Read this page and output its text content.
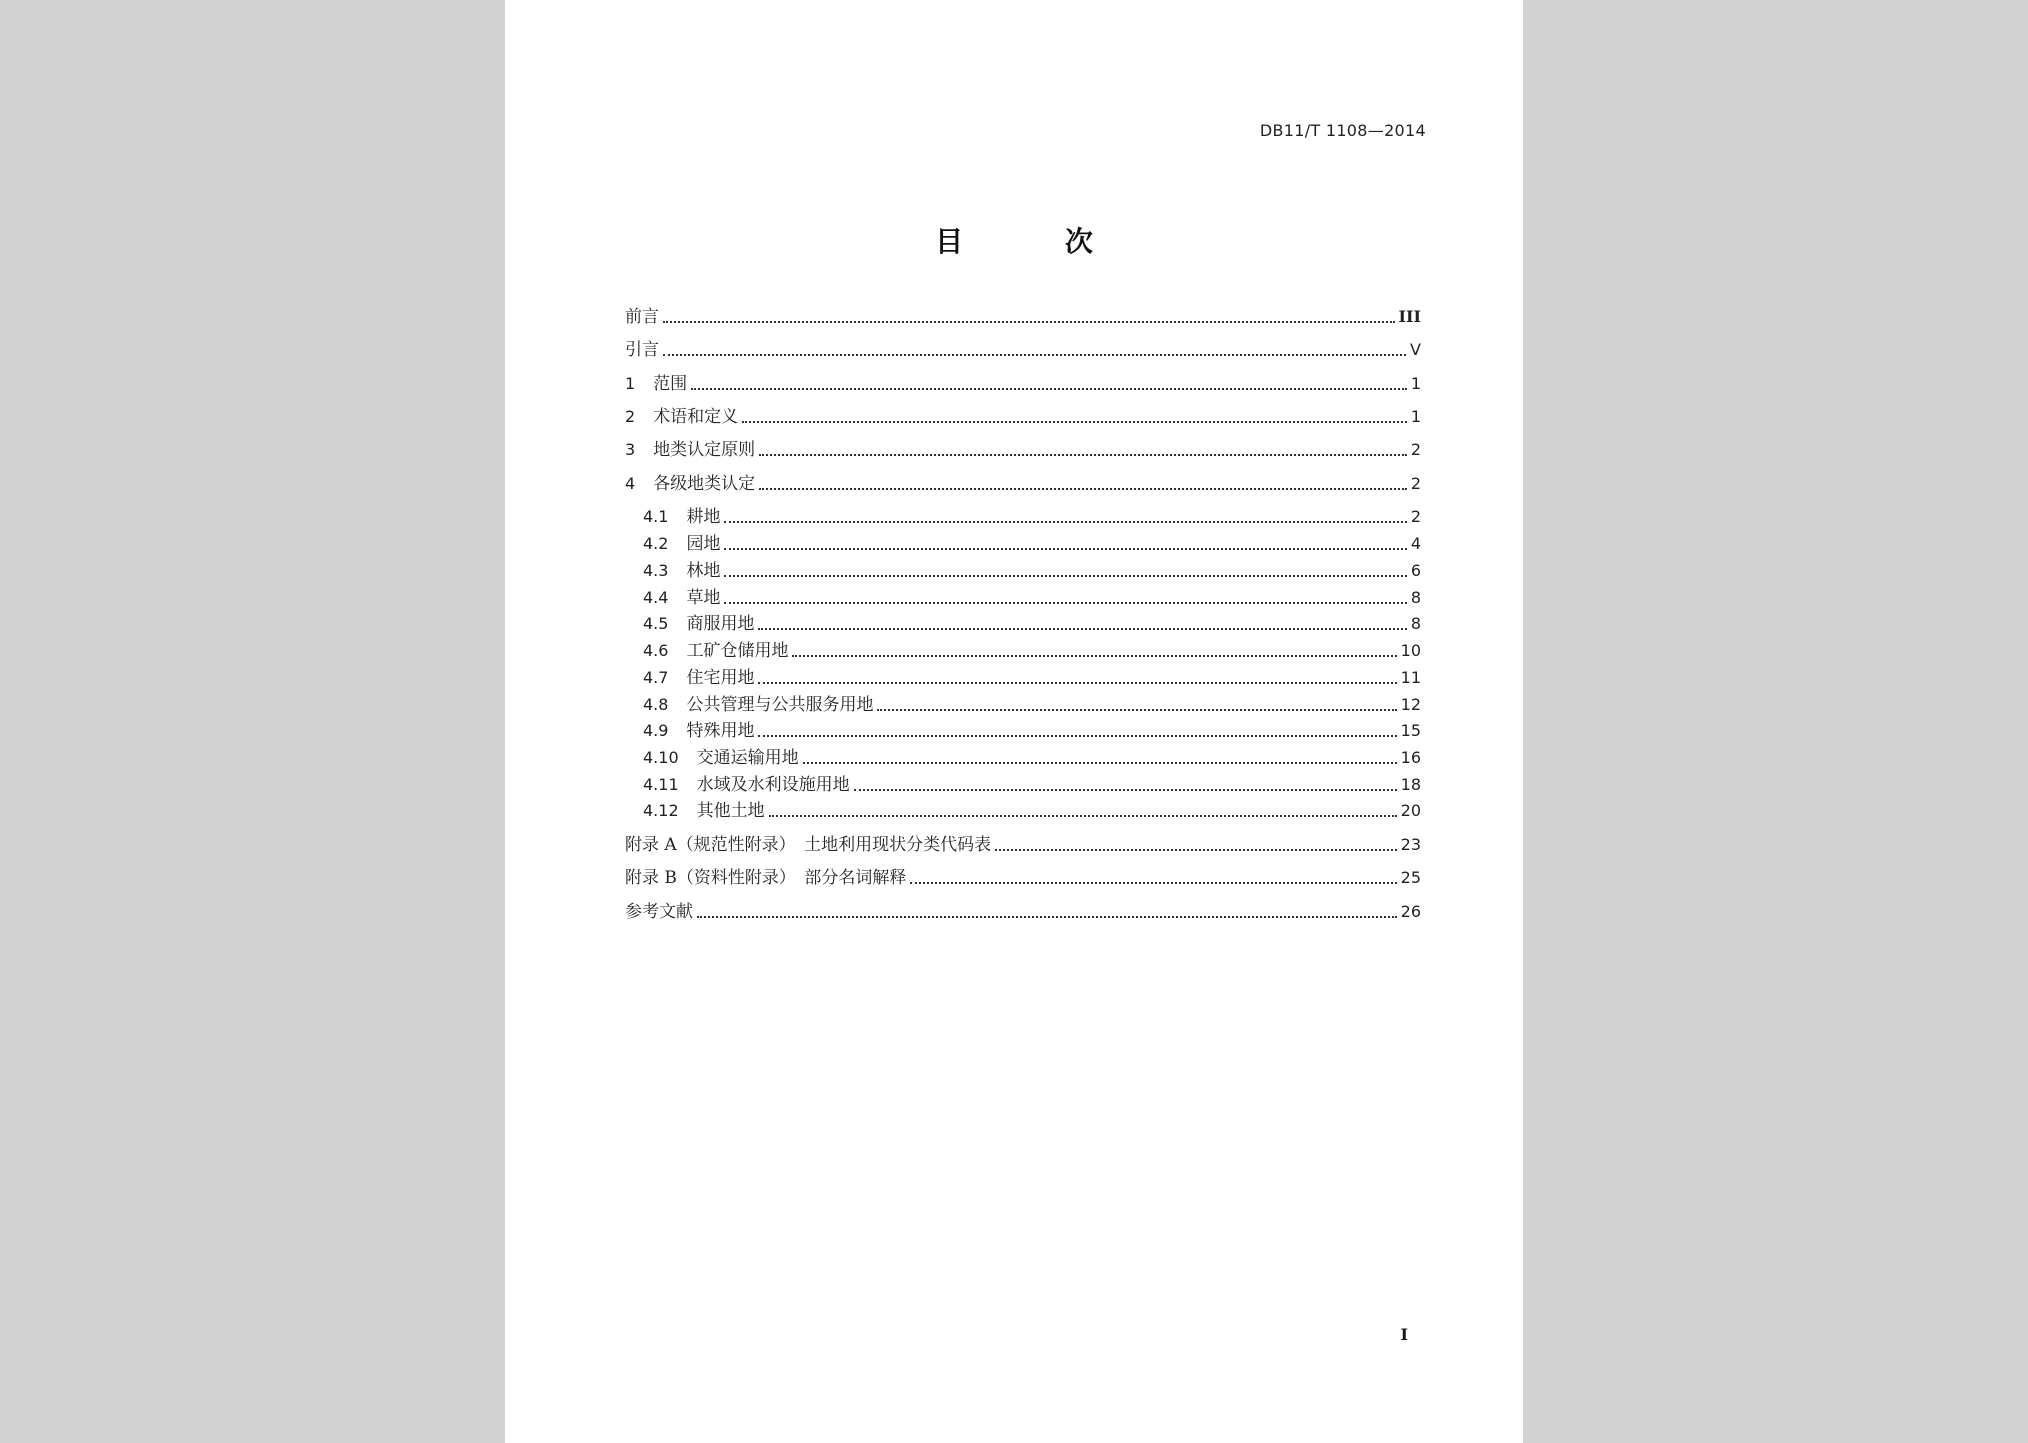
DB11/T 1108—2014
目 次
前言	III
引言	V
1 范围	1
2 术语和定义	1
3 地类认定原则	2
4 各级地类认定	2
4.1 耕地	2
4.2 园地	4
4.3 林地	6
4.4 草地	8
4.5 商服用地	8
4.6 工矿仓储用地	10
4.7 住宅用地	11
4.8 公共管理与公共服务用地	12
4.9 特殊用地	15
4.10 交通运输用地	16
4.11 水域及水利设施用地	18
4.12 其他土地	20
附录 A（规范性附录）　土地利用现状分类代码表	23
附录 B（资料性附录）　部分名词解释	25
参考文献	26
I
